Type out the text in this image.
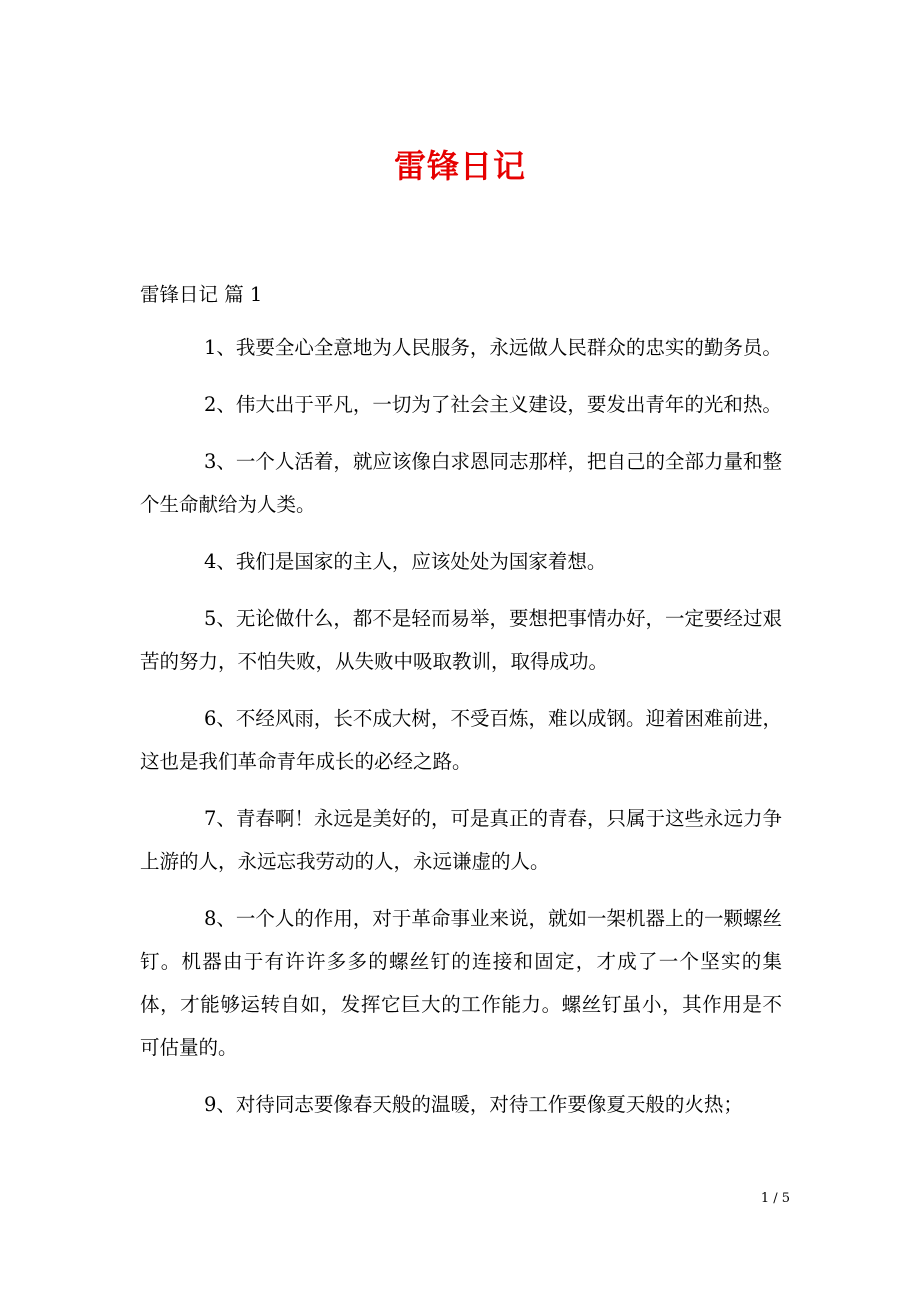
雷锋日记
雷锋日记 篇 1

1、我要全心全意地为人民服务，永远做人民群众的忠实的勤务员。

2、伟大出于平凡，一切为了社会主义建设，要发出青年的光和热。

3、一个人活着，就应该像白求恩同志那样，把自己的全部力量和整个生命献给为人类。

4、我们是国家的主人，应该处处为国家着想。

5、无论做什么，都不是轻而易举，要想把事情办好，一定要经过艰苦的努力，不怕失败，从失败中吸取教训，取得成功。

6、不经风雨，长不成大树，不受百炼，难以成钢。迎着困难前进，这也是我们革命青年成长的必经之路。

7、青春啊！永远是美好的，可是真正的青春，只属于这些永远力争上游的人，永远忘我劳动的人，永远谦虚的人。

8、一个人的作用，对于革命事业来说，就如一架机器上的一颗螺丝钉。机器由于有许许多多的螺丝钉的连接和固定，才成了一个坚实的集体，才能够运转自如，发挥它巨大的工作能力。螺丝钉虽小，其作用是不可估量的。

9、对待同志要像春天般的温暖，对待工作要像夏天般的火热；

1 / 5
